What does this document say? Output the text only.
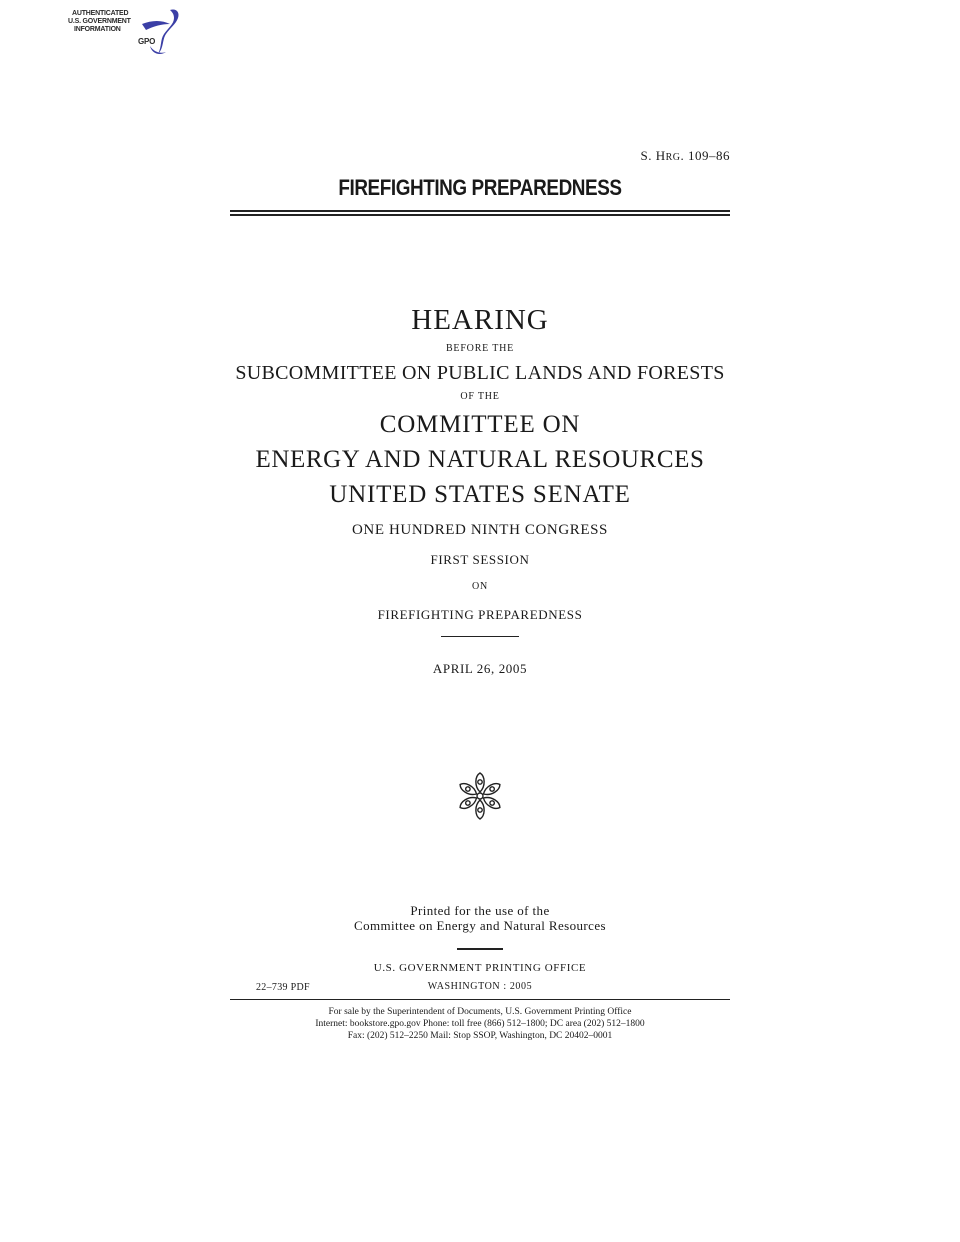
AUTHENTICATED
U.S. GOVERNMENT
INFORMATION
GPO
S. HRG. 109–86
FIREFIGHTING PREPAREDNESS
HEARING
BEFORE THE
SUBCOMMITTEE ON PUBLIC LANDS AND FORESTS
OF THE
COMMITTEE ON
ENERGY AND NATURAL RESOURCES
UNITED STATES SENATE
ONE HUNDRED NINTH CONGRESS
FIRST SESSION
ON
FIREFIGHTING PREPAREDNESS
APRIL 26, 2005
Printed for the use of the
Committee on Energy and Natural Resources
U.S. GOVERNMENT PRINTING OFFICE
22–739 PDF	WASHINGTON : 2005
For sale by the Superintendent of Documents, U.S. Government Printing Office
Internet: bookstore.gpo.gov Phone: toll free (866) 512–1800; DC area (202) 512–1800
Fax: (202) 512–2250 Mail: Stop SSOP, Washington, DC 20402–0001
